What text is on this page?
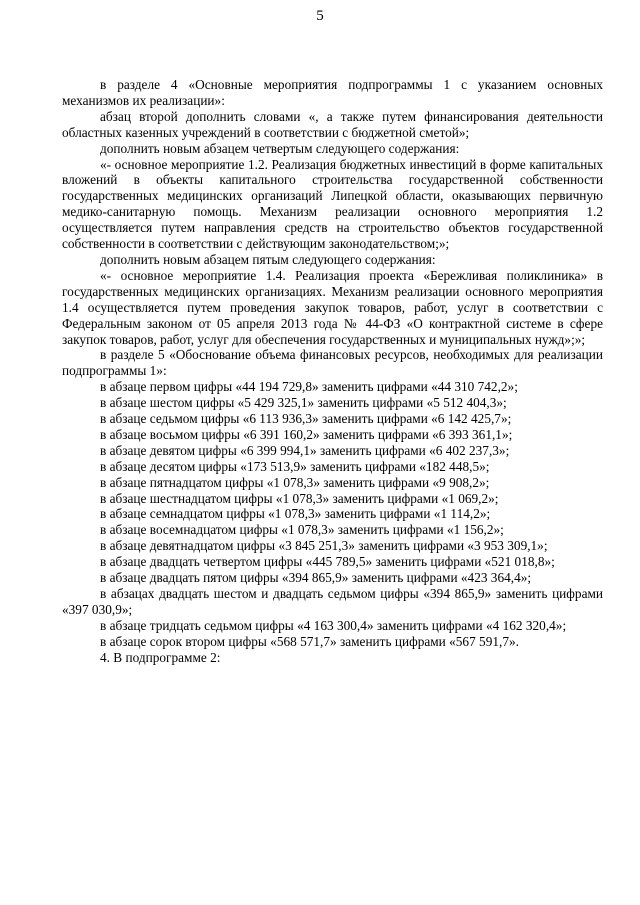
5

в разделе 4 «Основные мероприятия подпрограммы 1 с указанием основных механизмов их реализации»:

абзац второй дополнить словами «, а также путем финансирования деятельности областных казенных учреждений в соответствии с бюджетной сметой»;

дополнить новым абзацем четвертым следующего содержания:

«- основное мероприятие 1.2. Реализация бюджетных инвестиций в форме капитальных вложений в объекты капитального строительства государственной собственности государственных медицинских организаций Липецкой области, оказывающих первичную медико-санитарную помощь. Механизм реализации основного мероприятия 1.2 осуществляется путем направления средств на строительство объектов государственной собственности в соответствии с действующим законодательством;»;

дополнить новым абзацем пятым следующего содержания:

«- основное мероприятие 1.4. Реализация проекта «Бережливая поликлиника» в государственных медицинских организациях. Механизм реализации основного мероприятия 1.4 осуществляется путем проведения закупок товаров, работ, услуг в соответствии с Федеральным законом от 05 апреля 2013 года № 44-ФЗ «О контрактной системе в сфере закупок товаров, работ, услуг для обеспечения государственных и муниципальных нужд»;»;

в разделе 5 «Обоснование объема финансовых ресурсов, необходимых для реализации подпрограммы 1»:

в абзаце первом цифры «44 194 729,8» заменить цифрами «44 310 742,2»;

в абзаце шестом цифры «5 429 325,1» заменить цифрами «5 512 404,3»;

в абзаце седьмом цифры «6 113 936,3» заменить цифрами «6 142 425,7»;

в абзаце восьмом цифры «6 391 160,2» заменить цифрами «6 393 361,1»;

в абзаце девятом цифры «6 399 994,1» заменить цифрами «6 402 237,3»;

в абзаце десятом цифры «173 513,9» заменить цифрами «182 448,5»;

в абзаце пятнадцатом цифры «1 078,3» заменить цифрами «9 908,2»;

в абзаце шестнадцатом цифры «1 078,3» заменить цифрами «1 069,2»;

в абзаце семнадцатом цифры «1 078,3» заменить цифрами «1 114,2»;

в абзаце восемнадцатом цифры «1 078,3» заменить цифрами «1 156,2»;

в абзаце девятнадцатом цифры «3 845 251,3» заменить цифрами «3 953 309,1»;

в абзаце двадцать четвертом цифры «445 789,5» заменить цифрами «521 018,8»;

в абзаце двадцать пятом цифры «394 865,9» заменить цифрами «423 364,4»;

в абзацах двадцать шестом и двадцать седьмом цифры «394 865,9» заменить цифрами «397 030,9»;

в абзаце тридцать седьмом цифры «4 163 300,4» заменить цифрами «4 162 320,4»;

в абзаце сорок втором цифры «568 571,7» заменить цифрами «567 591,7».

4. В подпрограмме 2:
